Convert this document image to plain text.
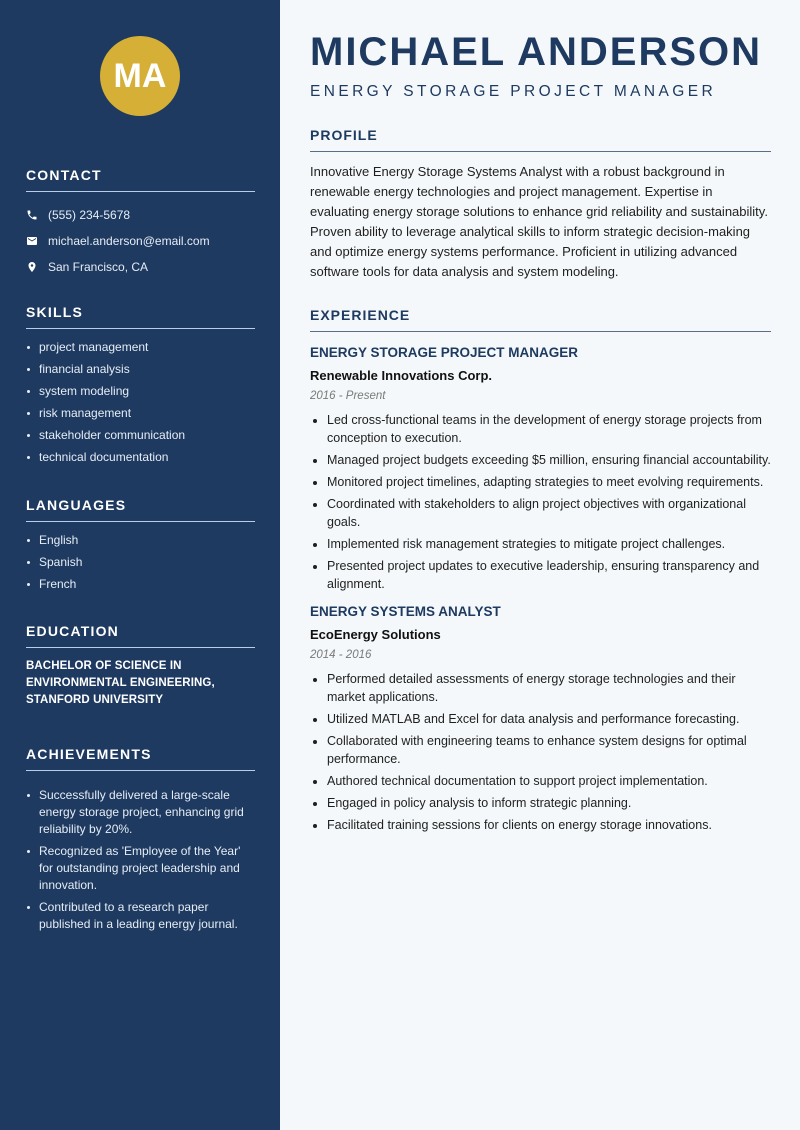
MA
CONTACT
(555) 234-5678
michael.anderson@email.com
San Francisco, CA
SKILLS
project management
financial analysis
system modeling
risk management
stakeholder communication
technical documentation
LANGUAGES
English
Spanish
French
EDUCATION

BACHELOR OF SCIENCE IN ENVIRONMENTAL ENGINEERING, STANFORD UNIVERSITY

ACHIEVEMENTS
Successfully delivered a large-scale energy storage project, enhancing grid reliability by 20%.
Recognized as 'Employee of the Year' for outstanding project leadership and innovation.
Contributed to a research paper published in a leading energy journal.
MICHAEL ANDERSON
ENERGY STORAGE PROJECT MANAGER
PROFILE

Innovative Energy Storage Systems Analyst with a robust background in renewable energy technologies and project management. Expertise in evaluating energy storage solutions to enhance grid reliability and sustainability. Proven ability to leverage analytical skills to inform strategic decision-making and optimize energy systems performance. Proficient in utilizing advanced software tools for data analysis and system modeling.

EXPERIENCE
ENERGY STORAGE PROJECT MANAGER
Renewable Innovations Corp.
2016 - Present
Led cross-functional teams in the development of energy storage projects from conception to execution.
Managed project budgets exceeding $5 million, ensuring financial accountability.
Monitored project timelines, adapting strategies to meet evolving requirements.
Coordinated with stakeholders to align project objectives with organizational goals.
Implemented risk management strategies to mitigate project challenges.
Presented project updates to executive leadership, ensuring transparency and alignment.
ENERGY SYSTEMS ANALYST
EcoEnergy Solutions
2014 - 2016
Performed detailed assessments of energy storage technologies and their market applications.
Utilized MATLAB and Excel for data analysis and performance forecasting.
Collaborated with engineering teams to enhance system designs for optimal performance.
Authored technical documentation to support project implementation.
Engaged in policy analysis to inform strategic planning.
Facilitated training sessions for clients on energy storage innovations.
